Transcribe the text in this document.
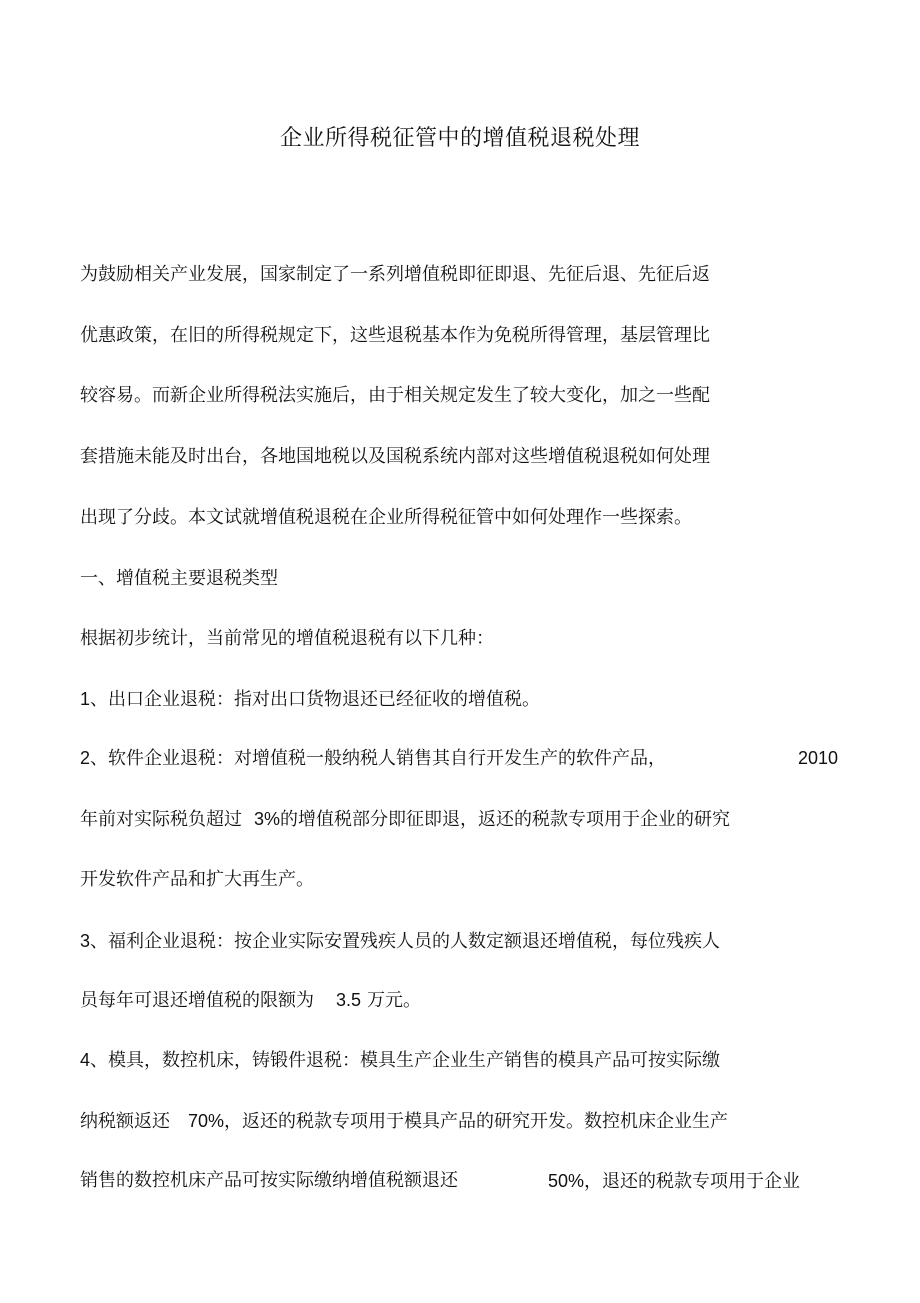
企业所得税征管中的增值税退税处理

为鼓励相关产业发展，国家制定了一系列增值税即征即退、先征后退、先征后返

优惠政策，在旧的所得税规定下，这些退税基本作为免税所得管理，基层管理比

较容易。而新企业所得税法实施后，由于相关规定发生了较大变化，加之一些配

套措施未能及时出台，各地国地税以及国税系统内部对这些增值税退税如何处理

出现了分歧。本文试就增值税退税在企业所得税征管中如何处理作一些探索。

一、增值税主要退税类型

根据初步统计，当前常见的增值税退税有以下几种：

1、出口企业退税：指对出口货物退还已经征收的增值税。

2、软件企业退税：对增值税一般纳税人销售其自行开发生产的软件产品，	2010

年前对实际税负超过 3%的增值税部分即征即退，返还的税款专项用于企业的研究

开发软件产品和扩大再生产。

3、福利企业退税：按企业实际安置残疾人员的人数定额退还增值税，每位残疾人

员每年可退还增值税的限额为 3.5 万元。

4、模具，数控机床，铸锻件退税：模具生产企业生产销售的模具产品可按实际缴

纳税额返还 70%，返还的税款专项用于模具产品的研究开发。数控机床企业生产

销售的数控机床产品可按实际缴纳增值税额退还	50%，退还的税款专项用于企业
